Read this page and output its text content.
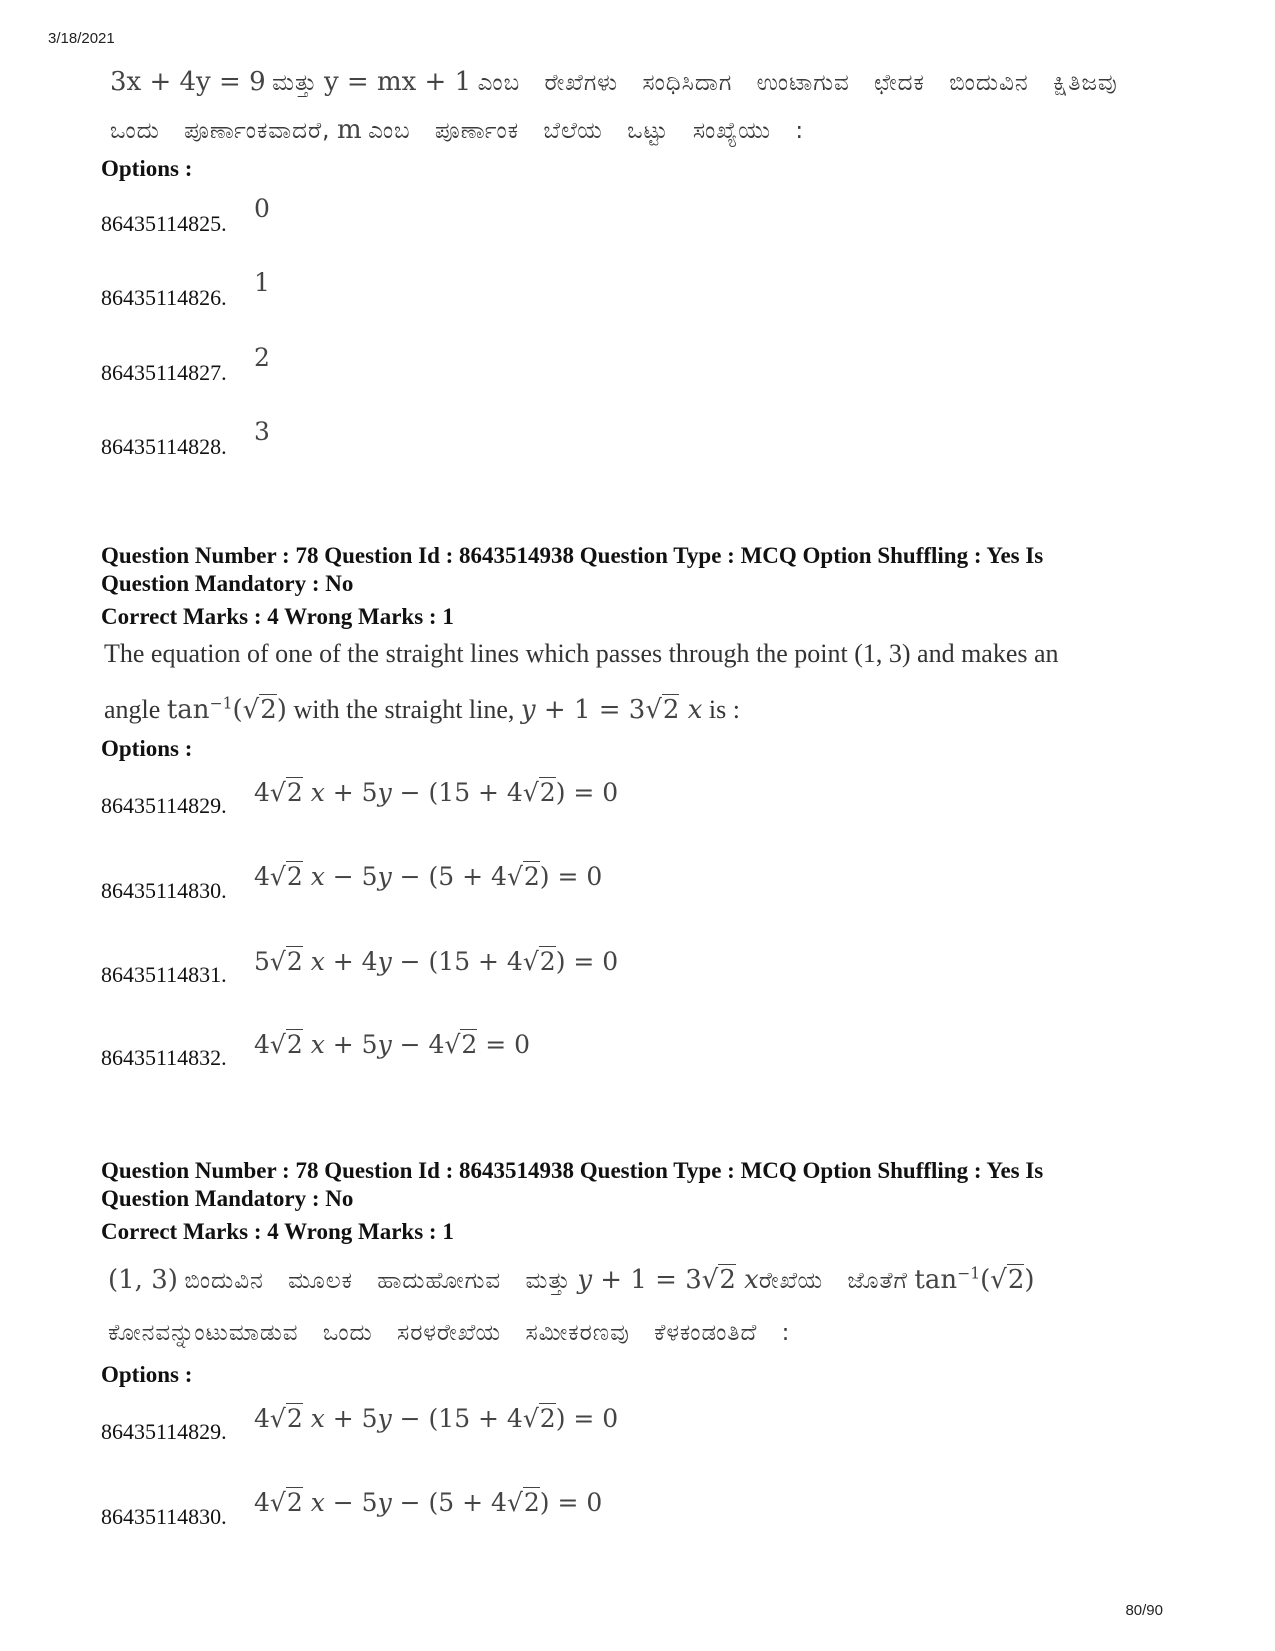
3/18/2021
3x + 4y = 9 ಮತ್ತು y = mx + 1 ಎಂಬ ರೇಖೆಗಳು ಸಂಧಿಸಿದಾಗ ಉಂಟಾಗುವ ಛೇದಕ ಬಿಂದುವಿನ ಕ್ಷಿತಿಜವು
ಒಂದು ಪೂರ್ಣಾಂಕವಾದರೆ, m ಎಂಬ ಪೂರ್ಣಾಂಕ ಬೆಲೆಯ ಒಟ್ಟು ಸಂಖ್ಯೆಯು :
Options :
86435114825.
0
86435114826.
1
86435114827.
2
86435114828.
3
Question Number : 78 Question Id : 8643514938 Question Type : MCQ Option Shuffling : Yes Is
Question Mandatory : No
Correct Marks : 4 Wrong Marks : 1
The equation of one of the straight lines which passes through the point (1, 3) and makes an
angle $\tan^{-1}(√2)$ with the straight line, y + 1 = 3√2 x is :
Options :
86435114829. 4√2 x + 5y − (15 + 4√2) = 0
86435114830. 4√2 x − 5y − (5 + 4√2) = 0
86435114831. 5√2 x + 4y − (15 + 4√2) = 0
86435114832. 4√2 x + 5y − 4√2 = 0
Question Number : 78 Question Id : 8643514938 Question Type : MCQ Option Shuffling : Yes Is
Question Mandatory : No
Correct Marks : 4 Wrong Marks : 1
(1, 3) ಬಿಂದುವಿನ ಮೂಲಕ ಹಾದುಹೋಗುವ ಮತ್ತು y + 1 = 3√2 xರೇಖೆಯ ಜೊತೆಗೆ $\tan^{-1}(√2)$
ಕೋನವನ್ನುಂಟುಮಾಡುವ ಒಂದು ಸರಳರೇಖೆಯ ಸಮೀಕರಣವು ಕೆಳಕಂಡಂತಿದೆ :
Options :
86435114829. 4√2 x + 5y − (15 + 4√2) = 0
86435114830. 4√2 x − 5y − (5 + 4√2) = 0
80/90
